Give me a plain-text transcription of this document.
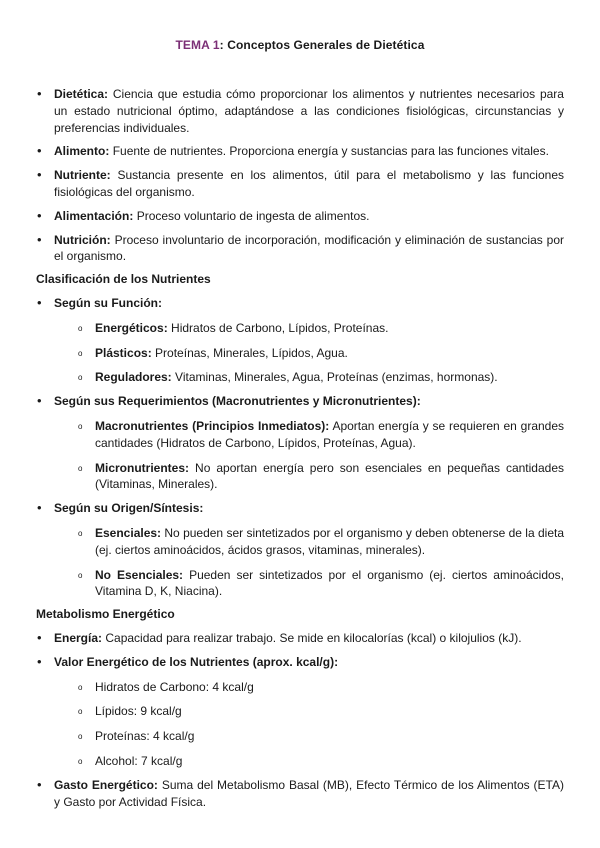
TEMA 1: Conceptos Generales de Dietética
• Dietética: Ciencia que estudia cómo proporcionar los alimentos y nutrientes necesarios para un estado nutricional óptimo, adaptándose a las condiciones fisiológicas, circunstancias y preferencias individuales.
• Alimento: Fuente de nutrientes. Proporciona energía y sustancias para las funciones vitales.
• Nutriente: Sustancia presente en los alimentos, útil para el metabolismo y las funciones fisiológicas del organismo.
• Alimentación: Proceso voluntario de ingesta de alimentos.
• Nutrición: Proceso involuntario de incorporación, modificación y eliminación de sustancias por el organismo.
Clasificación de los Nutrientes
• Según su Función:
o Energéticos: Hidratos de Carbono, Lípidos, Proteínas.
o Plásticos: Proteínas, Minerales, Lípidos, Agua.
o Reguladores: Vitaminas, Minerales, Agua, Proteínas (enzimas, hormonas).
• Según sus Requerimientos (Macronutrientes y Micronutrientes):
o Macronutrientes (Principios Inmediatos): Aportan energía y se requieren en grandes cantidades (Hidratos de Carbono, Lípidos, Proteínas, Agua).
o Micronutrientes: No aportan energía pero son esenciales en pequeñas cantidades (Vitaminas, Minerales).
• Según su Origen/Síntesis:
o Esenciales: No pueden ser sintetizados por el organismo y deben obtenerse de la dieta (ej. ciertos aminoácidos, ácidos grasos, vitaminas, minerales).
o No Esenciales: Pueden ser sintetizados por el organismo (ej. ciertos aminoácidos, Vitamina D, K, Niacina).
Metabolismo Energético
• Energía: Capacidad para realizar trabajo. Se mide en kilocalorías (kcal) o kilojulios (kJ).
• Valor Energético de los Nutrientes (aprox. kcal/g):
o Hidratos de Carbono: 4 kcal/g
o Lípidos: 9 kcal/g
o Proteínas: 4 kcal/g
o Alcohol: 7 kcal/g
• Gasto Energético: Suma del Metabolismo Basal (MB), Efecto Térmico de los Alimentos (ETA) y Gasto por Actividad Física.
